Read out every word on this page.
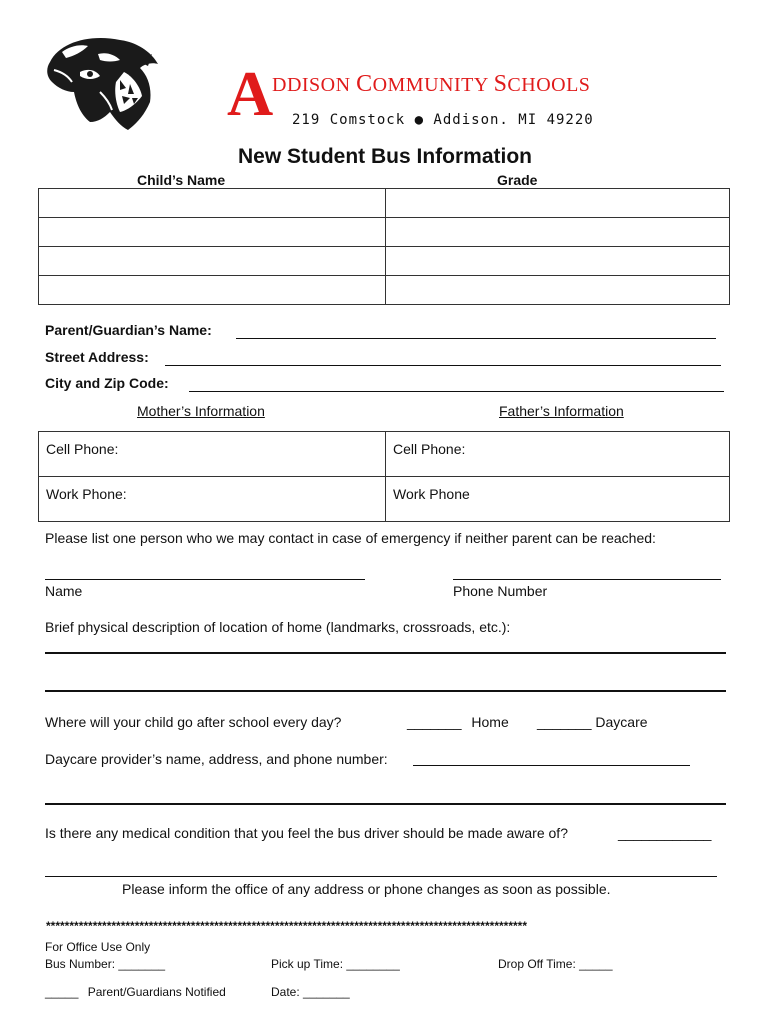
A
DDISON COMMUNITY SCHOOLS
219 Comstock ● Addison. MI 49220
New Student Bus Information
Child’s Name	Grade

Parent/Guardian’s Name:
Street Address:
City and Zip Code:
Mother’s Information	Father’s Information
Cell Phone:	Cell Phone:
Work Phone:	Work Phone
Please list one person who we may contact in case of emergency if neither parent can be reached:
Name	Phone Number
Brief physical description of location of home (landmarks, crossroads, etc.):
Where will your child go after school every day?	_______ Home _______ Daycare
Daycare provider’s name, address, and phone number:
Is there any medical condition that you feel the bus driver should be made aware of?	____________
Please inform the office of any address or phone changes as soon as possible.
*******************************************************************************************************
For Office Use Only
Bus Number: _______	Pick up Time: ________	Drop Off Time: _____
_____ Parent/Guardians Notified	Date: _______
